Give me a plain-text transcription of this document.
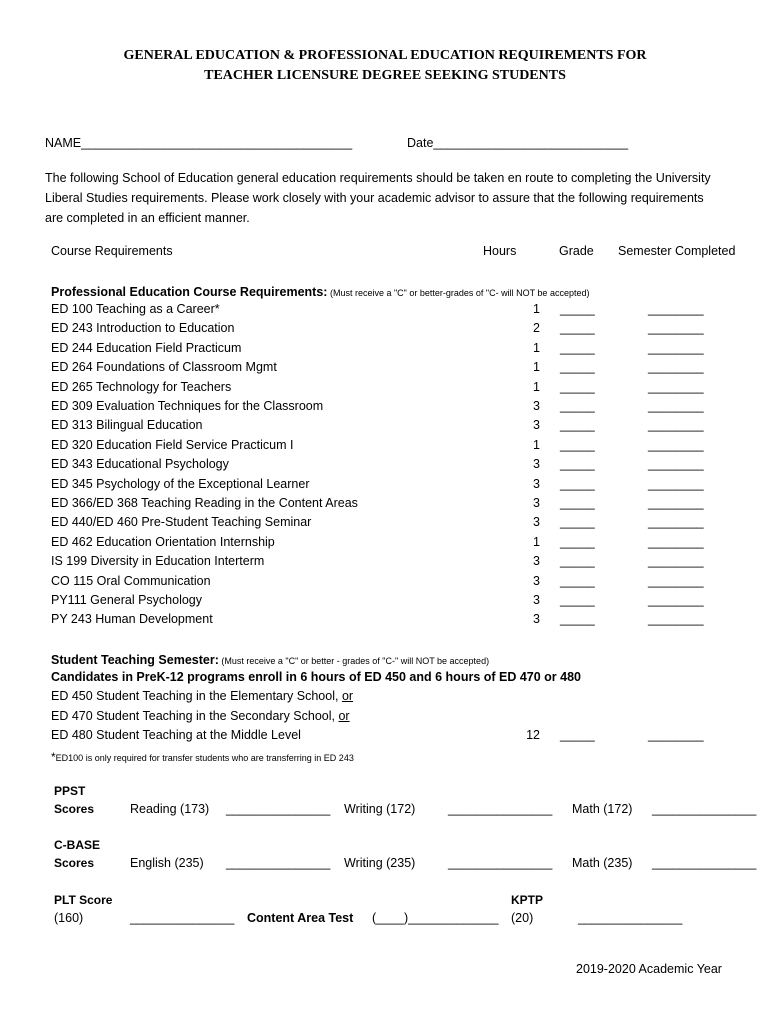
GENERAL EDUCATION & PROFESSIONAL EDUCATION REQUIREMENTS FOR
TEACHER LICENSURE DEGREE SEEKING STUDENTS
NAME_______________________________________	Date____________________________
The following School of Education general education requirements should be taken en route to completing the University Liberal Studies requirements. Please work closely with your academic advisor to assure that the following requirements are completed in an efficient manner.
Course Requirements	Hours	Grade Semester Completed
Professional Education Course Requirements: (Must receive a "C" or better-grades of "C- will NOT be accepted)
ED 100 Teaching as a Career*	1 _____	________
ED 243 Introduction to Education	2 _____	________
ED 244 Education Field Practicum	1 _____	________
ED 264 Foundations of Classroom Mgmt	1 _____	________
ED 265 Technology for Teachers	1 _____	________
ED 309 Evaluation Techniques for the Classroom	3 _____	________
ED 313 Bilingual Education	3 _____	________
ED 320 Education Field Service Practicum I	1 _____	________
ED 343 Educational Psychology	3 _____	________
ED 345 Psychology of the Exceptional Learner	3 _____	________
ED 366/ED 368 Teaching Reading in the Content Areas	3 _____	________
ED 440/ED 460 Pre-Student Teaching Seminar	3 _____	________
ED 462 Education Orientation Internship	1 _____	________
IS 199 Diversity in Education Interterm	3 _____	________
CO 115 Oral Communication	3 _____	________
PY111 General Psychology	3 _____	________
PY 243 Human Development	3 _____	________
Student Teaching Semester: (Must receive a "C" or better - grades of "C-" will NOT be accepted)
Candidates in PreK-12 programs enroll in 6 hours of ED 450 and 6 hours of ED 470 or 480
ED 450 Student Teaching in the Elementary School, or
ED 470 Student Teaching in the Secondary School, or
ED 480 Student Teaching at the Middle Level	12 _____	________
*ED100 is only required for transfer students who are transferring in ED 243
PPST
Scores	Reading (173) _______________ Writing (172)	_______________ Math (172) _______________
C-BASE
Scores	English (235) _______________ Writing (235)	_______________ Math (235) _______________
PLT Score
(160)	_______________ Content Area Test (____)_____________
KPTP
(20)	_______________
2019-2020 Academic Year
